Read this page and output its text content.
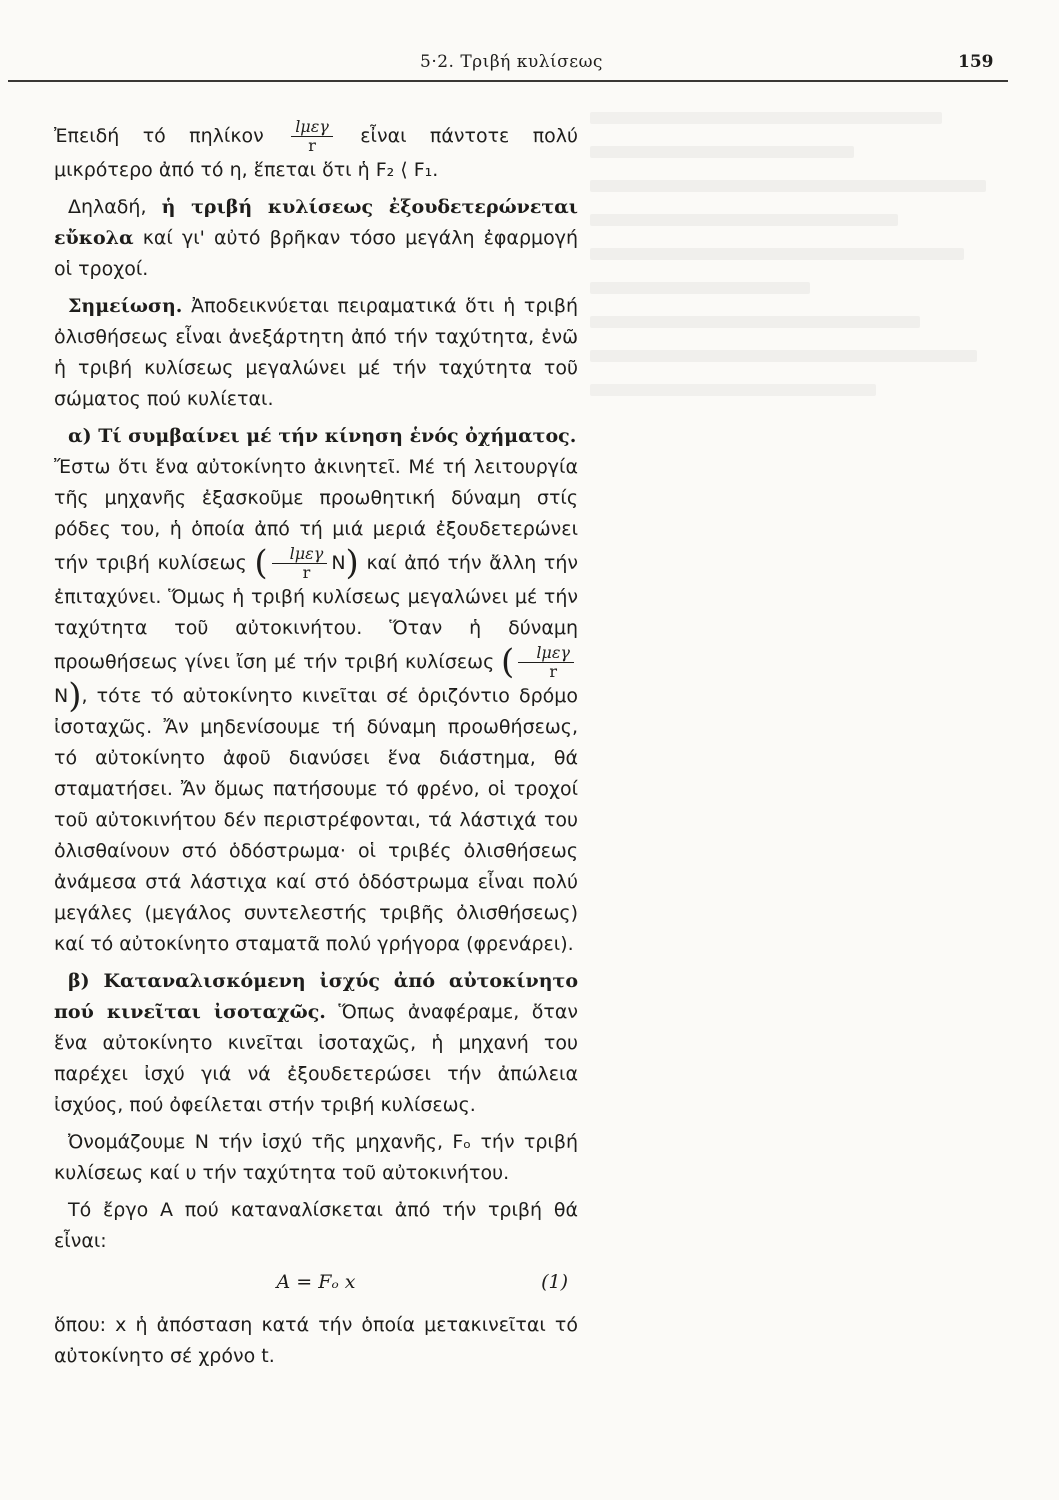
5·2. Τριβή κυλίσεως	159

Ἐπειδή τό πηλίκον $\frac{\text{lμεγ}}{r}$ εἶναι πάντοτε πολύ μικρότερο ἀπό τό η, ἕπεται ὅτι ἡ F₂ ⟨ F₁.

Δηλαδή, ἡ τριβή κυλίσεως ἐξουδετερώνεται εὔκολα καί γι' αὐτό βρῆκαν τόσο μεγάλη ἐφαρμογή οἱ τροχοί.

Σημείωση. Ἀποδεικνύεται πειραματικά ὅτι ἡ τριβή ὀλισθήσεως εἶναι ἀνεξάρτητη ἀπό τήν ταχύτητα, ἐνῶ ἡ τριβή κυλίσεως μεγαλώνει μέ τήν ταχύτητα τοῦ σώματος πού κυλίεται.

α) Τί συμβαίνει μέ τήν κίνηση ἑνός ὀχήματος.
Ἔστω ὅτι ἕνα αὐτοκίνητο ἀκινητεῖ. Μέ τή λειτουργία τῆς μηχανῆς ἐξασκοῦμε προωθητική δύναμη στίς ρόδες του, ἡ ὁποία ἀπό τή μιά μεριά ἐξουδετερώνει τήν τριβή κυλίσεως ( $\frac{\text{lμεγ}}{r} N$) καί ἀπό τήν ἄλλη τήν ἐπιταχύνει. Ὅμως ἡ τριβή κυλίσεως μεγαλώνει μέ τήν ταχύτητα τοῦ αὐτοκινήτου. Ὅταν ἡ δύναμη προωθήσεως γίνει ἴση μέ τήν τριβή κυλίσεως ( $\frac{\text{lμεγ}}{r}$
N), τότε τό αὐτοκίνητο κινεῖται σέ ὁριζόντιο δρόμο ἰσοταχῶς. Ἄν μηδενίσουμε τή δύναμη προωθήσεως, τό αὐτοκίνητο ἀφοῦ διανύσει ἕνα διάστημα, θά σταματήσει. Ἄν ὅμως πατήσουμε τό φρένο, οἱ τροχοί τοῦ αὐτοκινήτου δέν περιστρέφονται, τά λάστιχά του ὀλισθαίνουν στό ὁδόστρωμα· οἱ τριβές ὀλισθήσεως ἀνάμεσα στά λάστιχα καί στό ὁδόστρωμα εἶναι πολύ μεγάλες (μεγάλος συντελεστής τριβῆς ὀλισθήσεως) καί τό αὐτοκίνητο σταματᾶ πολύ γρήγορα (φρενάρει).

β) Καταναλισκόμενη ἰσχύς ἀπό αὐτοκίνητο πού κινεῖται ἰσοταχῶς. Ὅπως ἀναφέραμε, ὅταν ἕνα αὐτοκίνητο κινεῖται ἰσοταχῶς, ἡ μηχανή του παρέχει ἰσχύ γιά νά ἐξουδετερώσει τήν ἀπώλεια ἰσχύος, πού ὀφείλεται στήν τριβή κυλίσεως.

Ὀνομάζουμε N τήν ἰσχύ τῆς μηχανῆς, Fₒ τήν τριβή κυλίσεως καί υ τήν ταχύτητα τοῦ αὐτοκινήτου.

Τό ἔργο A πού καταναλίσκεται ἀπό τήν τριβή θά εἶναι:

A = Fₒ x	(1)

ὅπου: x ἡ ἀπόσταση κατά τήν ὁποία μετακινεῖται τό αὐτοκίνητο σέ χρόνο t.
